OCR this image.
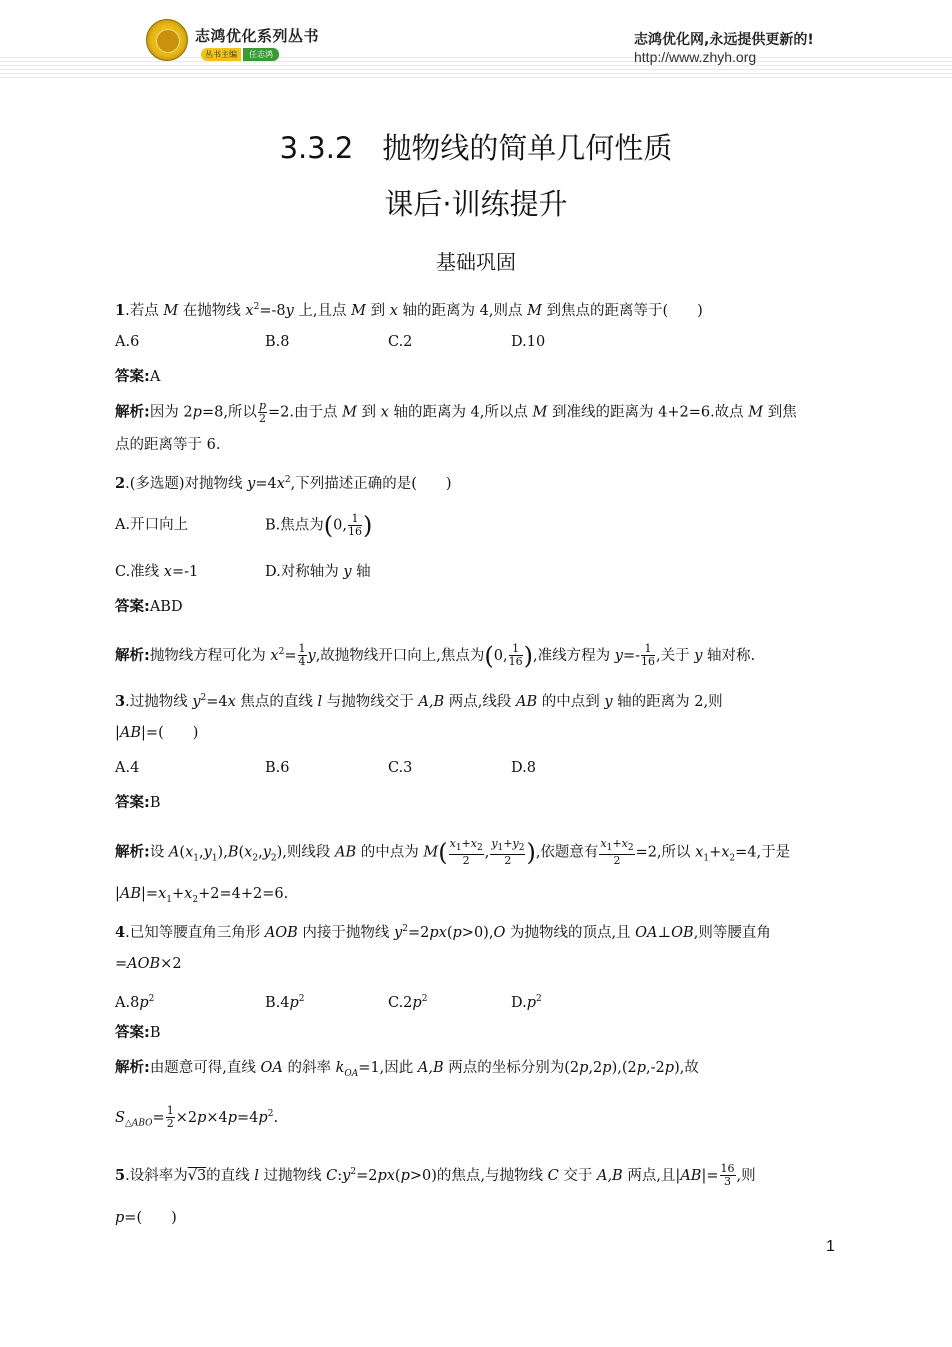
志鸿优化系列丛书
丛书主编	任志鸿
志鸿优化网,永远提供更新的!
http://www.zhyh.org
3.3.2　抛物线的简单几何性质
课后·训练提升
基础巩固
1.若点 M 在抛物线 $x^2=-8y$ 上,且点 M 到 x 轴的距离为 4,则点 M 到焦点的距离等于(　　)
A.6	B.8	C.2	D.10
答案:A
解析:因为 2p=8,所以 $\frac{p}{2} =2$.由于点 M 到 x 轴的距离为 4,所以点 M 到准线的距离为 4+2=6.故点 M 到焦
点的距离等于 6.
2.(多选题)对抛物线 $y=4x^2$,下列描述正确的是(　　)
A.开口向上	B.焦点为(0, $\frac{1}{16}$ )
C.准线 x=-1	D.对称轴为 y 轴
答案:ABD
解析:抛物线方程可化为 $x^2= \frac{1}{4} y$,故抛物线开口向上,焦点为(0, $\frac{1}{16}$ ),准线方程为 $y=- \frac{1}{16}$ ,关于 y 轴对称.
3.过抛物线 $y^2=4x$ 焦点的直线 l 与抛物线交于 A,B 两点,线段 AB 的中点到 y 轴的距离为 2,则
|AB|=(　　)
A.4	B.6	C.3	D.8
答案:B
解析:设 $A(x_1,y_1),B(x_2,y_2)$,则线段 AB 的中点为 $M( \frac{x_1+x_2}{2}$ , $\frac{y_1+y_2}{2}$ ),依题意有 $\frac{x_1+x_2}{2} =2$,所以 $x_1+x_2=4$,于是
$|AB|=x_1+x_2+2=4+2=6$.
4.已知等腰直角三角形 AOB 内接于抛物线 $y^2=2px(p>0),O$ 为抛物线的顶点,且 OA⊥OB,则等腰直角
=AOB×2
$A.8p^2$	$B.4p^2$	$C.2p^2$	$D.p^2$
答案:B
解析:由题意可得,直线 OA 的斜率 $k_{OA}=1$,因此 A,B 两点的坐标分别为(2p,2p),(2p,-2p),故
$S_{\triangle ABO}= \frac{1}{2} \times 2p\times 4p=4p^2$.
5.设斜率为√3的直线 l 过抛物线 $C:y^2=2px(p>0)$的焦点,与抛物线 C 交于 A,B 两点,且$|AB|= \frac{16}{3}$ ,则
p=(　　)
1
